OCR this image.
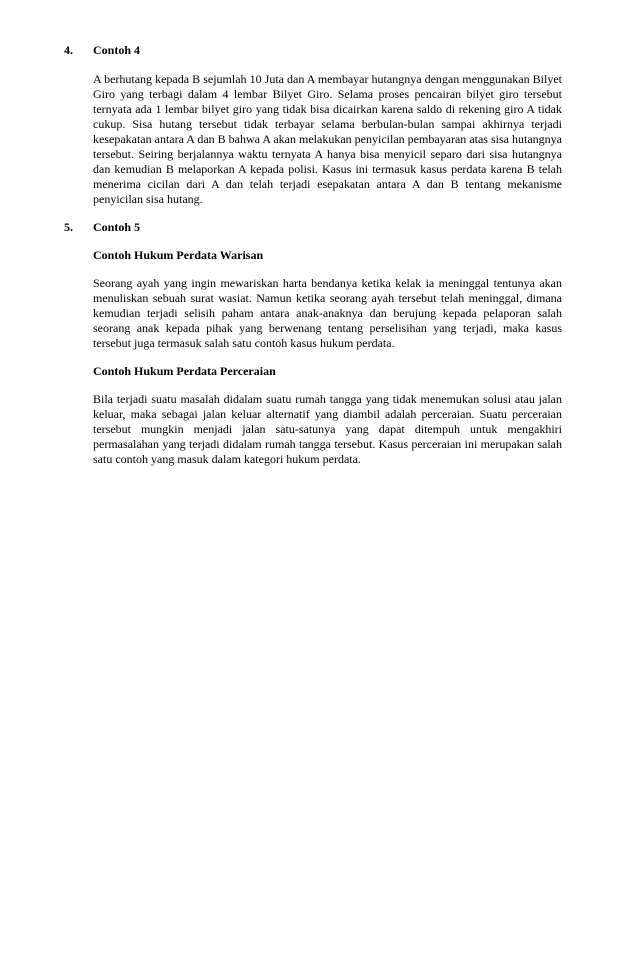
4. Contoh 4
A berhutang kepada B sejumlah 10 Juta dan A membayar hutangnya dengan menggunakan Bilyet Giro yang terbagi dalam 4 lembar Bilyet Giro. Selama proses pencairan bilyet giro tersebut ternyata ada 1 lembar bilyet giro yang tidak bisa dicairkan karena saldo di rekening giro A tidak cukup. Sisa hutang tersebut tidak terbayar selama berbulan-bulan sampai akhirnya terjadi kesepakatan antara A dan B bahwa A akan melakukan penyicilan pembayaran atas sisa hutangnya tersebut. Seiring berjalannya waktu ternyata A hanya bisa menyicil separo dari sisa hutangnya dan kemudian B melaporkan A kepada polisi. Kasus ini termasuk kasus perdata karena B telah menerima cicilan dari A dan telah terjadi esepakatan antara A dan B tentang mekanisme penyicilan sisa hutang.
5. Contoh 5
Contoh Hukum Perdata Warisan
Seorang ayah yang ingin mewariskan harta bendanya ketika kelak ia meninggal tentunya akan menuliskan sebuah surat wasiat. Namun ketika seorang ayah tersebut telah meninggal, dimana kemudian terjadi selisih paham antara anak-anaknya dan berujung kepada pelaporan salah seorang anak kepada pihak yang berwenang tentang perselisihan yang terjadi, maka kasus tersebut juga termasuk salah satu contoh kasus hukum perdata.
Contoh Hukum Perdata Perceraian
Bila terjadi suatu masalah didalam suatu rumah tangga yang tidak menemukan solusi atau jalan keluar, maka sebagai jalan keluar alternatif yang diambil adalah perceraian. Suatu perceraian tersebut mungkin menjadi jalan satu-satunya yang dapat ditempuh untuk mengakhiri permasalahan yang terjadi didalam rumah tangga tersebut. Kasus perceraian ini merupakan salah satu contoh yang masuk dalam kategori hukum perdata.
